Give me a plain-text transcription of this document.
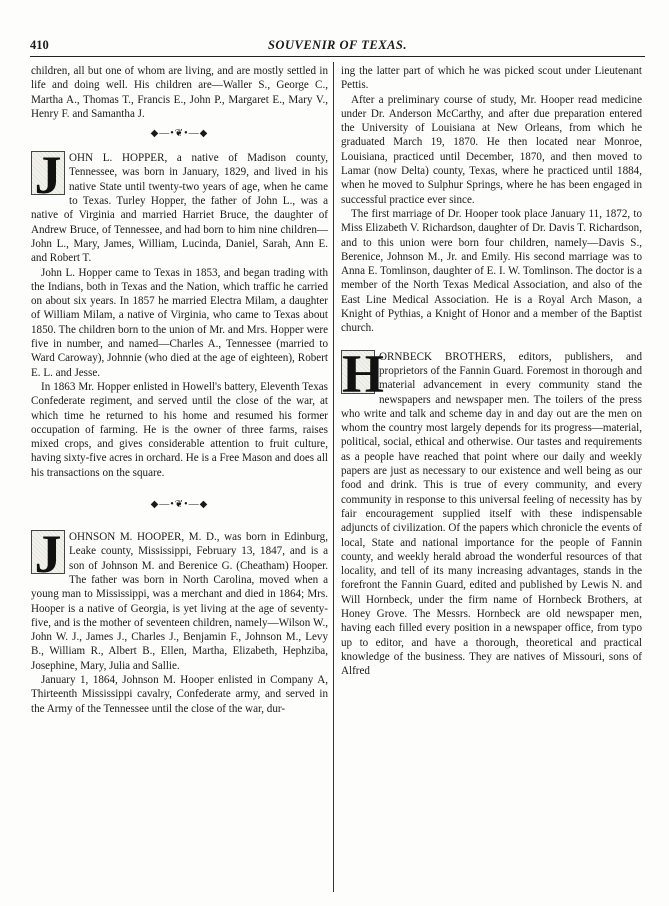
410	SOUVENIR OF TEXAS.

children, all but one of whom are living, and are mostly settled in life and doing well. His children are—Waller S., George C., Martha A., Thomas T., Francis E., John P., Margaret E., Mary V., Henry F. and Samantha J.

◆—•❦•—◆

J OHN L. HOPPER, a native of Madison county, Tennessee, was born in January, 1829, and lived in his native State until twenty-two years of age, when he came to Texas. Turley Hopper, the father of John L., was a native of Virginia and married Harriet Bruce, the daughter of Andrew Bruce, of Tennessee, and had born to him nine children—John L., Mary, James, William, Lucinda, Daniel, Sarah, Ann E. and Robert T.

John L. Hopper came to Texas in 1853, and began trading with the Indians, both in Texas and the Nation, which traffic he carried on about six years. In 1857 he married Electra Milam, a daughter of William Milam, a native of Virginia, who came to Texas about 1850. The children born to the union of Mr. and Mrs. Hopper were five in number, and named—Charles A., Tennessee (married to Ward Caroway), Johnnie (who died at the age of eighteen), Robert E. L. and Jesse.

In 1863 Mr. Hopper enlisted in Howell's battery, Eleventh Texas Confederate regiment, and served until the close of the war, at which time he returned to his home and resumed his former occupation of farming. He is the owner of three farms, raises mixed crops, and gives considerable attention to fruit culture, having sixty-five acres in orchard. He is a Free Mason and does all his transactions on the square.

◆—•❦•—◆

J OHNSON M. HOOPER, M. D., was born in Edinburg, Leake county, Mississippi, February 13, 1847, and is a son of Johnson M. and Berenice G. (Cheatham) Hooper. The father was born in North Carolina, moved when a young man to Mississippi, was a merchant and died in 1864; Mrs. Hooper is a native of Georgia, is yet living at the age of seventy-five, and is the mother of seventeen children, namely—Wilson W., John W. J., James J., Charles J., Benjamin F., Johnson M., Levy B., William R., Albert B., Ellen, Martha, Elizabeth, Hephziba, Josephine, Mary, Julia and Sallie.

January 1, 1864, Johnson M. Hooper enlisted in Company A, Thirteenth Mississippi cavalry, Confederate army, and served in the Army of the Tennessee until the close of the war, dur-

ing the latter part of which he was picked scout under Lieutenant Pettis.

After a preliminary course of study, Mr. Hooper read medicine under Dr. Anderson McCarthy, and after due preparation entered the University of Louisiana at New Orleans, from which he graduated March 19, 1870. He then located near Monroe, Louisiana, practiced until December, 1870, and then moved to Lamar (now Delta) county, Texas, where he practiced until 1884, when he moved to Sulphur Springs, where he has been engaged in successful practice ever since.

The first marriage of Dr. Hooper took place January 11, 1872, to Miss Elizabeth V. Richardson, daughter of Dr. Davis T. Richardson, and to this union were born four children, namely—Davis S., Berenice, Johnson M., Jr. and Emily. His second marriage was to Anna E. Tomlinson, daughter of E. I. W. Tomlinson. The doctor is a member of the North Texas Medical Association, and also of the East Line Medical Association. He is a Royal Arch Mason, a Knight of Pythias, a Knight of Honor and a member of the Baptist church.

H
ORNBECK BROTHERS, editors, publishers, and proprietors of the Fannin Guard. Foremost in thorough and material advancement in every community stand the newspapers and newspaper men. The toilers of the press who write and talk and scheme day in and day out are the men on whom the country most largely depends for its progress—material, political, social, ethical and otherwise. Our tastes and requirements as a people have reached that point where our daily and weekly papers are just as necessary to our existence and well being as our food and drink. This is true of every community, and every community in response to this universal feeling of necessity has by fair encouragement supplied itself with these indispensable adjuncts of civilization. Of the papers which chronicle the events of local, State and national importance for the people of Fannin county, and weekly herald abroad the wonderful resources of that locality, and tell of its many increasing advantages, stands in the forefront the Fannin Guard, edited and published by Lewis N. and Will Hornbeck, under the firm name of Hornbeck Brothers, at Honey Grove. The Messrs. Hornbeck are old newspaper men, having each filled every position in a newspaper office, from typo up to editor, and have a thorough, theoretical and practical knowledge of the business. They are natives of Missouri, sons of Alfred
